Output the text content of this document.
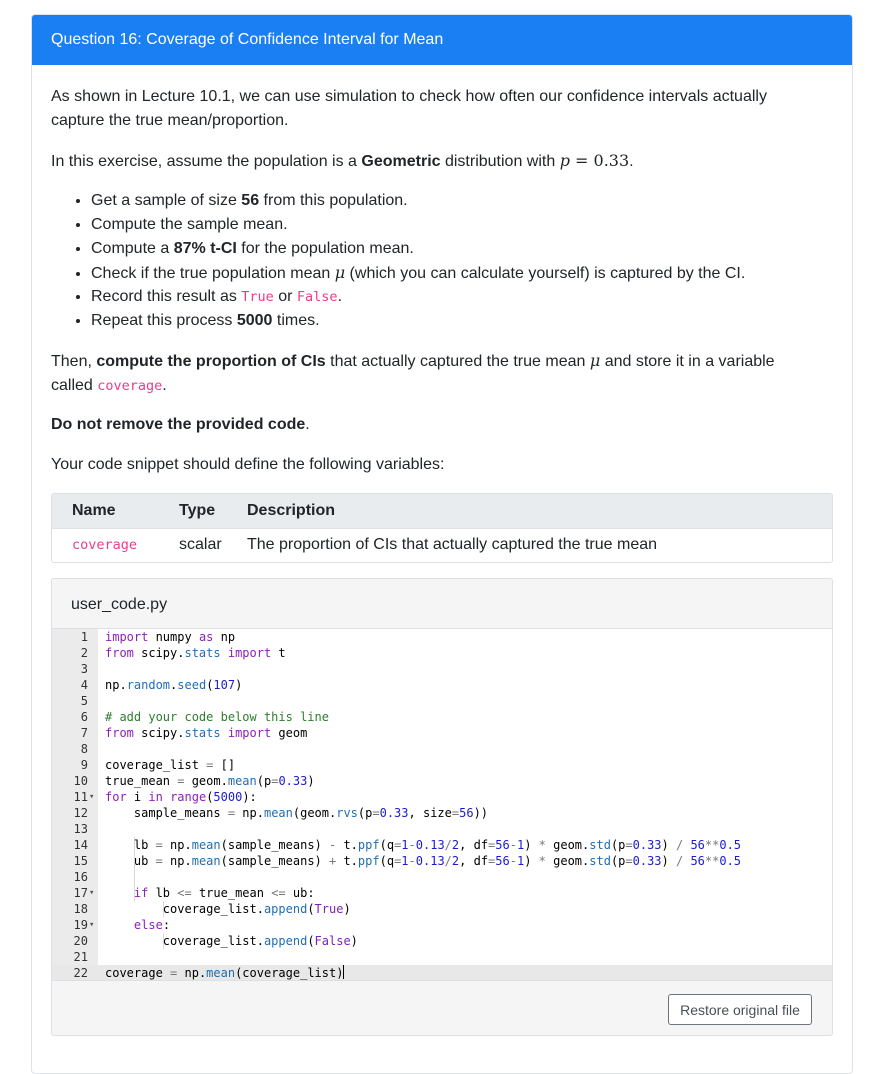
Question 16: Coverage of Confidence Interval for Mean

As shown in Lecture 10.1, we can use simulation to check how often our confidence intervals actually
capture the true mean/proportion.

In this exercise, assume the population is a Geometric distribution with p = 0.33.

• Get a sample of size 56 from this population.
• Compute the sample mean.
• Compute a 87% t-CI for the population mean.
• Check if the true population mean μ (which you can calculate yourself) is captured by the CI.
• Record this result as True or False.
• Repeat this process 5000 times.

Then, compute the proportion of CIs that actually captured the true mean μ and store it in a variable
called coverage.

Do not remove the provided code.

Your code snippet should define the following variables:

Name	Type Description
coverage	scalar The proportion of CIs that actually captured the true mean
user_code.py
1 import numpy as np
2 from scipy.stats import t
3
4 np.random.seed(107)
5
6 # add your code below this line
7 from scipy.stats import geom
8
9 coverage_list = []
10 true_mean = geom.mean(p=0.33)
11 ▾ for i in range(5000):
12 sample_means = np.mean(geom.rvs(p=0.33, size=56))
13
14 lb = np.mean(sample_means) - t.ppf(q=1-0.13/2, df=56-1) * geom.std(p=0.33) / 56**0.5
15 ub = np.mean(sample_means) + t.ppf(q=1-0.13/2, df=56-1) * geom.std(p=0.33) / 56**0.5
16
17 ▾	if lb <= true_mean <= ub:
18 coverage_list.append(True)
19 ▾	else:
20 coverage_list.append(False)
21
22 coverage = np.mean(coverage_list)
Restore original file
